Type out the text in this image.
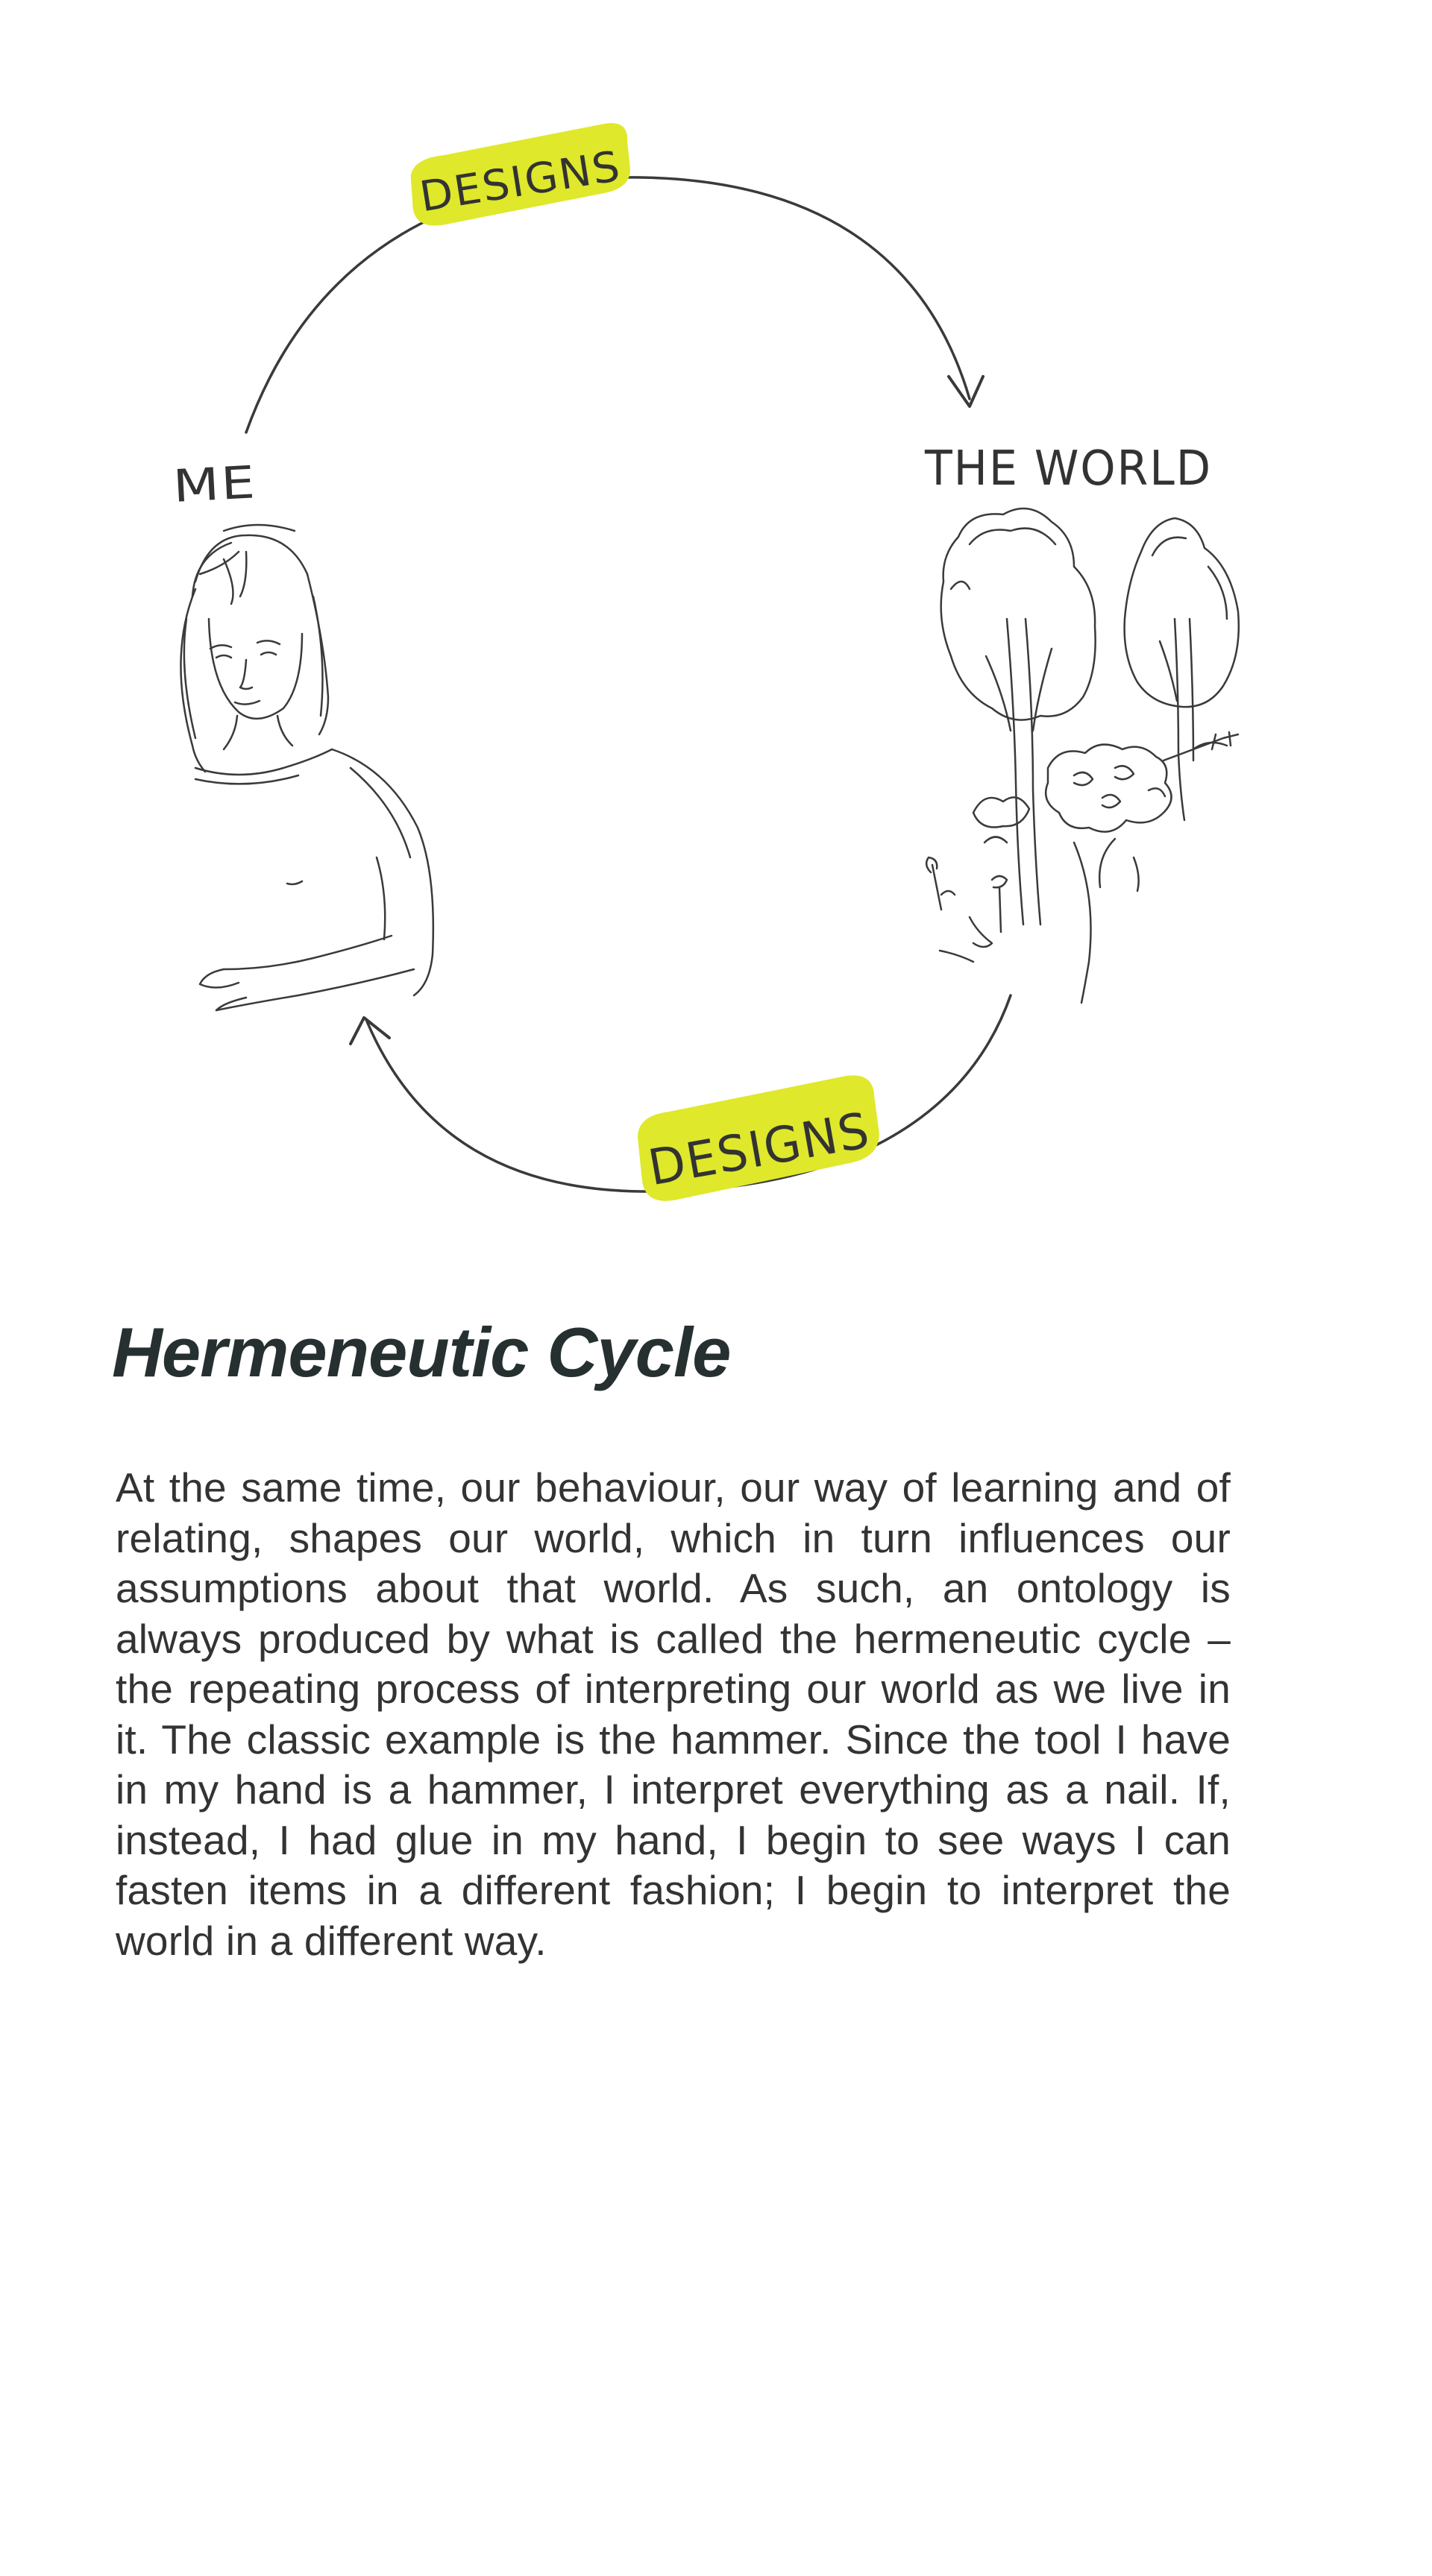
DESIGNS
DESIGNS
ME	THE WORLD
Hermeneutic Cycle

At the same time, our behaviour, our way of learning and of relating, shapes our world, which in turn influences our assumptions about that world. As such, an ontology is always produced by what is called the hermeneutic cycle – the repeating process of interpreting our world as we live in it. The classic example is the hammer. Since the tool I have in my hand is a hammer, I interpret everything as a nail. If, instead, I had glue in my hand, I begin to see ways I can fasten items in a different fashion; I begin to interpret the world in a different way.
